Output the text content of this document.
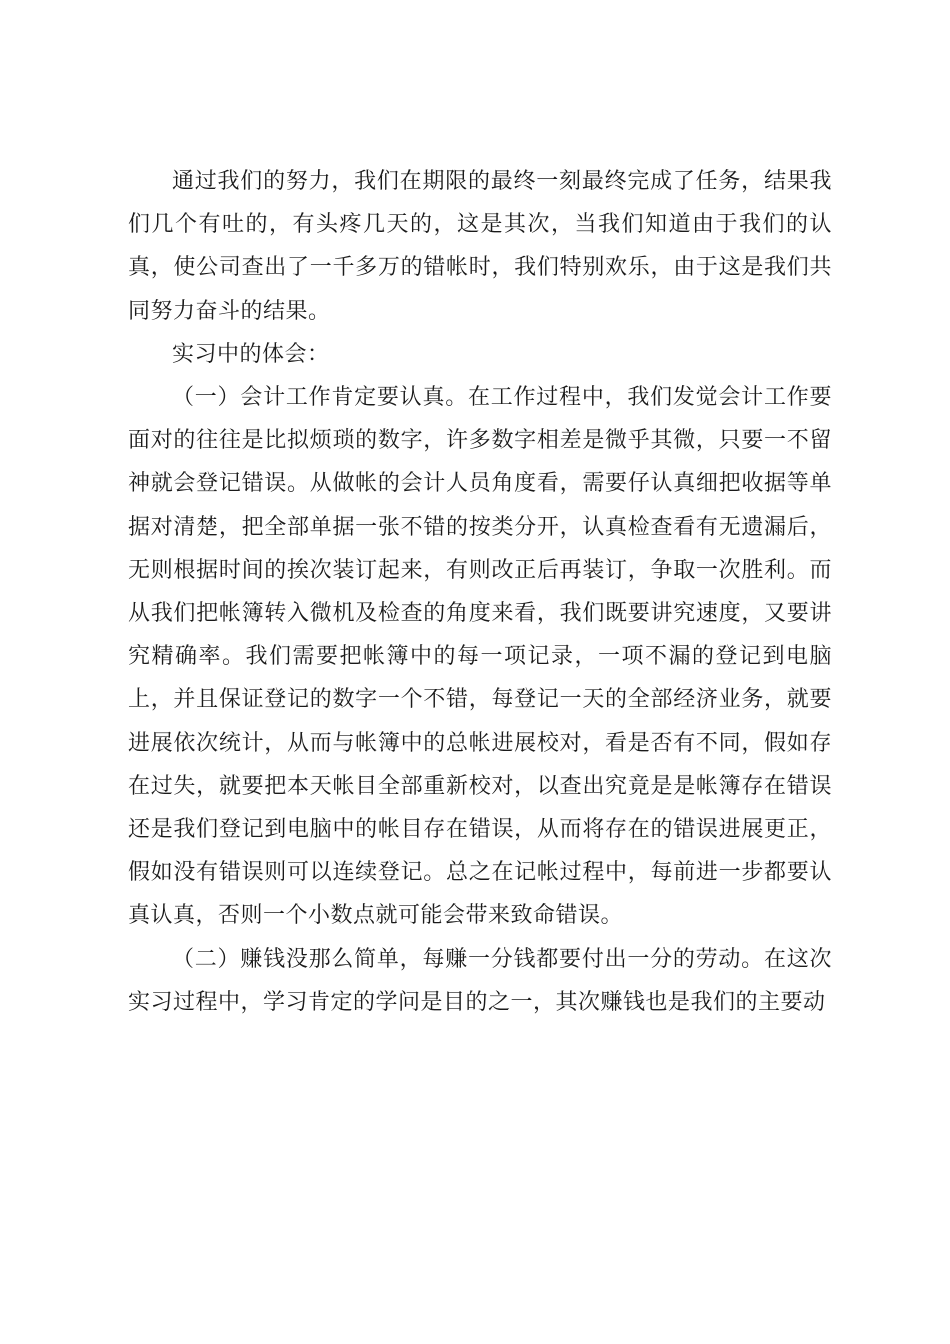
通过我们的努力，我们在期限的最终一刻最终完成了任务，结果我们几个有吐的，有头疼几天的，这是其次，当我们知道由于我们的认真，使公司查出了一千多万的错帐时，我们特别欢乐，由于这是我们共同努力奋斗的结果。

实习中的体会：

（一）会计工作肯定要认真。在工作过程中，我们发觉会计工作要面对的往往是比拟烦琐的数字，许多数字相差是微乎其微，只要一不留神就会登记错误。从做帐的会计人员角度看，需要仔认真细把收据等单据对清楚，把全部单据一张不错的按类分开，认真检查看有无遗漏后，无则根据时间的挨次装订起来，有则改正后再装订，争取一次胜利。而从我们把帐簿转入微机及检查的角度来看，我们既要讲究速度，又要讲究精确率。我们需要把帐簿中的每一项记录，一项不漏的登记到电脑上，并且保证登记的数字一个不错，每登记一天的全部经济业务，就要进展依次统计，从而与帐簿中的总帐进展校对，看是否有不同，假如存在过失，就要把本天帐目全部重新校对，以查出究竟是是帐簿存在错误还是我们登记到电脑中的帐目存在错误，从而将存在的错误进展更正，假如没有错误则可以连续登记。总之在记帐过程中，每前进一步都要认真认真，否则一个小数点就可能会带来致命错误。

（二）赚钱没那么简单，每赚一分钱都要付出一分的劳动。在这次实习过程中，学习肯定的学问是目的之一，其次赚钱也是我们的主要动
